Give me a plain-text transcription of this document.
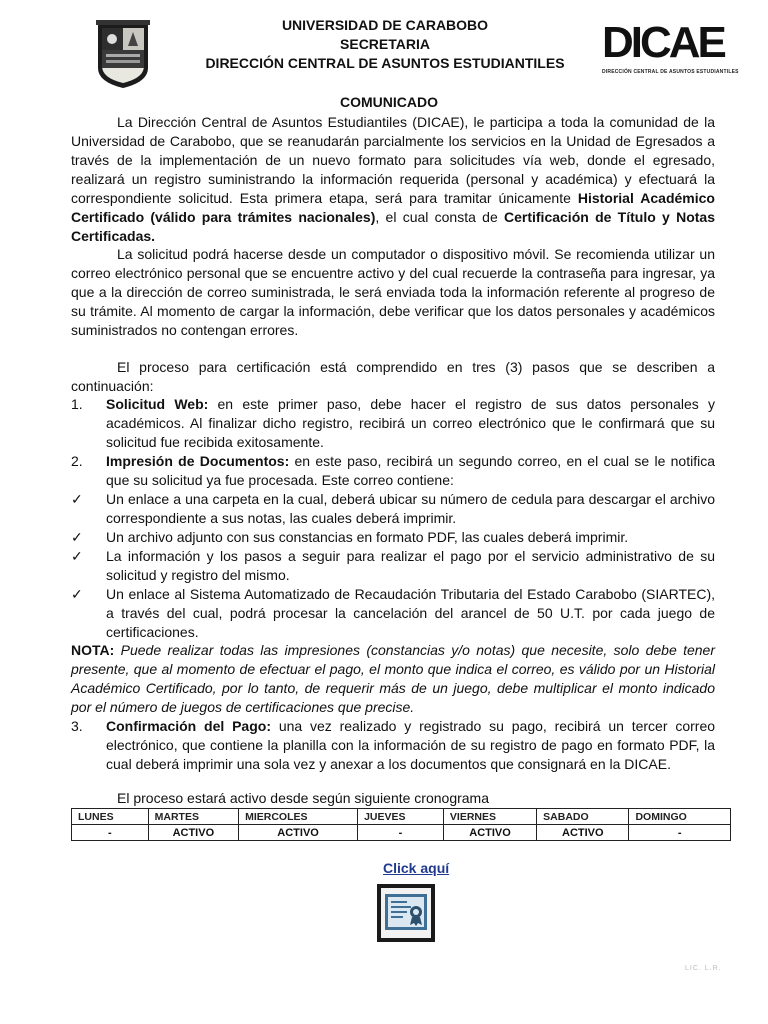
DICAE
DIRECCIÓN CENTRAL DE ASUNTOS ESTUDIANTILES
UNIVERSIDAD DE CARABOBO
SECRETARIA
DIRECCIÓN CENTRAL DE ASUNTOS ESTUDIANTILES
COMUNICADO
La Dirección Central de Asuntos Estudiantiles (DICAE), le participa a toda la comunidad de la Universidad de Carabobo, que se reanudarán parcialmente los servicios en la Unidad de Egresados a través de la implementación de un nuevo formato para solicitudes vía web, donde el egresado, realizará un registro suministrando la información requerida (personal y académica) y efectuará la correspondiente solicitud. Esta primera etapa, será para tramitar únicamente Historial Académico Certificado (válido para trámites nacionales), el cual consta de Certificación de Título y Notas Certificadas.
La solicitud podrá hacerse desde un computador o dispositivo móvil. Se recomienda utilizar un correo electrónico personal que se encuentre activo y del cual recuerde la contraseña para ingresar, ya que a la dirección de correo suministrada, le será enviada toda la información referente al progreso de su trámite. Al momento de cargar la información, debe verificar que los datos personales y académicos suministrados no contengan errores.
El proceso para certificación está comprendido en tres (3) pasos que se describen a continuación:
1.	Solicitud Web: en este primer paso, debe hacer el registro de sus datos personales y académicos. Al finalizar dicho registro, recibirá un correo electrónico que le confirmará que su solicitud fue recibida exitosamente.
2.	Impresión de Documentos: en este paso, recibirá un segundo correo, en el cual se le notifica que su solicitud ya fue procesada. Este correo contiene:
✓	Un enlace a una carpeta en la cual, deberá ubicar su número de cedula para descargar el archivo correspondiente a sus notas, las cuales deberá imprimir.
✓	Un archivo adjunto con sus constancias en formato PDF, las cuales deberá imprimir.
✓	La información y los pasos a seguir para realizar el pago por el servicio administrativo de su solicitud y registro del mismo.
✓	Un enlace al Sistema Automatizado de Recaudación Tributaria del Estado Carabobo (SIARTEC), a través del cual, podrá procesar la cancelación del arancel de 50 U.T. por cada juego de certificaciones.
NOTA: Puede realizar todas las impresiones (constancias y/o notas) que necesite, solo debe tener presente, que al momento de efectuar el pago, el monto que indica el correo, es válido por un Historial Académico Certificado, por lo tanto, de requerir más de un juego, debe multiplicar el monto indicado por el número de juegos de certificaciones que precise.
3.	Confirmación del Pago: una vez realizado y registrado su pago, recibirá un tercer correo electrónico, que contiene la planilla con la información de su registro de pago en formato PDF, la cual deberá imprimir una sola vez y anexar a los documentos que consignará en la DICAE.
El proceso estará activo desde según siguiente cronograma
LUNES	MARTES	MIERCOLES	JUEVES	VIERNES	SABADO	DOMINGO
-	ACTIVO	ACTIVO	-	ACTIVO	ACTIVO	-
Click aquí
LIC. L.R.
